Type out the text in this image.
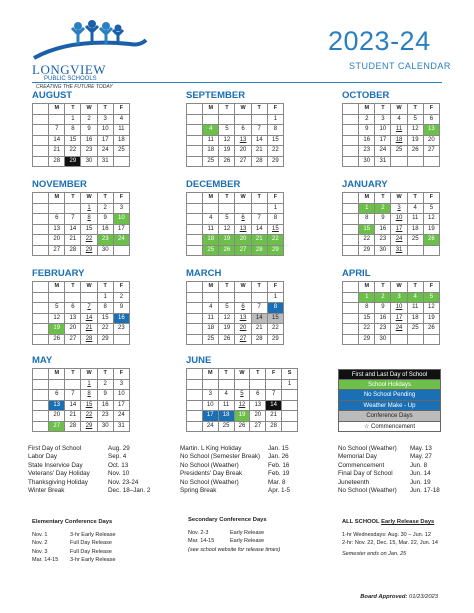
LONGVIEW
PUBLIC SCHOOLS
CREATING THE FUTURE TODAY
2023-24
STUDENT CALENDAR
AUGUST
	M	T	W	T	F
		1	2	3	4
	7	8	9	10	11
	14	15	16	17	18
	21	22	23	24	25
	28	29	30	31	
SEPTEMBER
	M	T	W	T	F
					1
	4	5	6	7	8
	11	12	13	14	15
	18	19	20	21	22
	25	26	27	28	29
OCTOBER
	M	T	W	T	F
	2	3	4	5	6
	9	10	11	12	13
	16	17	18	19	20
	23	24	25	26	27
	30	31			
NOVEMBER
	M	T	W	T	F
			1	2	3
	6	7	8	9	10
	13	14	15	16	17
	20	21	22	23	24
	27	28	29	30	
DECEMBER
	M	T	W	T	F
					1
	4	5	6	7	8
	11	12	13	14	15
	18	19	20	21	22
	25	26	27	28	29
JANUARY
	M	T	W	T	F
	1	2	3	4	5
	8	9	10	11	12
	15	16	17	18	19
	22	23	24	25	26
	29	30	31		
FEBRUARY
	M	T	W	T	F
				1	2
	5	6	7	8	9
	12	13	14	15	16
	19	20	21	22	23
	26	27	28	29	
MARCH
	M	T	W	T	F
					1
	4	5	6	7	8
	11	12	13	14	15
	18	19	20	21	22
	25	26	27	28	29
APRIL
	M	T	W	T	F
	1	2	3	4	5
	8	9	10	11	12
	15	16	17	18	19
	22	23	24	25	26
	29	30			
MAY
	M	T	W	T	F
			1	2	3
	6	7	8	9	10
	13	14	15	16	17
	20	21	22	23	24
	27	28	29	30	31
JUNE
	M	T	W	T	F	S
						1
	3	4	5	6	7	
	10	11	12	13	14	
	17	18	19	20	21	
	24	25	26	27	28	
First and Last Day of School
School Holidays
No School Pending
Weather Make - Up
Conference Days
☆ Commencement
First Day of School	Aug. 29
Labor Day	Sep. 4
State Inservice Day	Oct. 13
Veterans' Day Holiday	Nov. 10
Thanksgiving Holiday	Nov. 23-24
Winter Break	Dec. 18–Jan. 2
Martin. L King Holiday	Jan. 15
No School (Semester Break)	Jan. 26
No School (Weather)	Feb. 16
Presidents' Day Break	Feb. 19
No School (Weather)	Mar. 8
Spring Break	Apr. 1-5
No School (Weather)	May. 13
Memorial Day	May. 27
Commencement	Jun. 8
Final Day of School	Jun. 14
Juneteenth	Jun. 19
No School (Weather)	Jun. 17-18
Elementary Conference Days
Nov. 1	3-hr Early Release
Nov. 2	Full Day Release
Nov. 3	Full Day Release
Mar. 14-15	3-hr Early Release
Secondary Conference Days
Nov. 2-3	Early Release
Mar. 14-15	Early Release
(see school website for release times)
ALL SCHOOL Early Release Days
1-hr Wednesdays: Aug. 30 – Jun. 12
2-hr: Nov. 22, Dec. 15, Mar. 22, Jun. 14
Semester ends on Jan. 25
Board Approved: 01/23/2023
